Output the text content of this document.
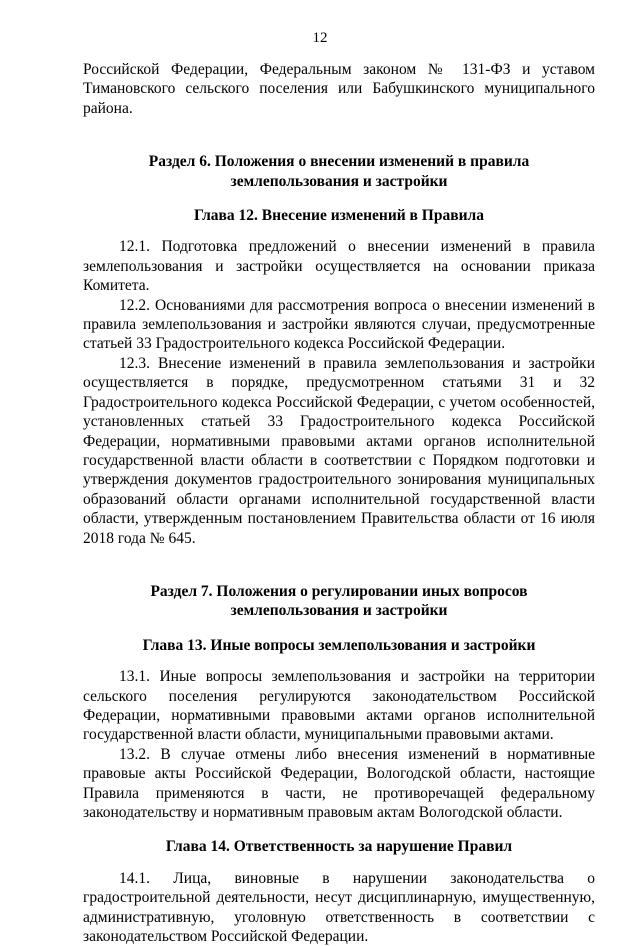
12

Российской Федерации, Федеральным законом № 131-ФЗ и уставом Тимановского сельского поселения или Бабушкинского муниципального района.

Раздел 6. Положения о внесении изменений в правила

землепользования и застройки

Глава 12. Внесение изменений в Правила

12.1. Подготовка предложений о внесении изменений в правила землепользования и застройки осуществляется на основании приказа Комитета.

12.2. Основаниями для рассмотрения вопроса о внесении изменений в правила землепользования и застройки являются случаи, предусмотренные статьей 33 Градостроительного кодекса Российской Федерации.

12.3. Внесение изменений в правила землепользования и застройки осуществляется в порядке, предусмотренном статьями 31 и 32 Градостроительного кодекса Российской Федерации, с учетом особенностей, установленных статьей 33 Градостроительного кодекса Российской Федерации, нормативными правовыми актами органов исполнительной государственной власти области в соответствии с Порядком подготовки и утверждения документов градостроительного зонирования муниципальных образований области органами исполнительной государственной власти области, утвержденным постановлением Правительства области от 16 июля 2018 года № 645.

Раздел 7. Положения о регулировании иных вопросов

землепользования и застройки

Глава 13. Иные вопросы землепользования и застройки

13.1. Иные вопросы землепользования и застройки на территории сельского поселения регулируются законодательством Российской Федерации, нормативными правовыми актами органов исполнительной государственной власти области, муниципальными правовыми актами.

13.2. В случае отмены либо внесения изменений в нормативные правовые акты Российской Федерации, Вологодской области, настоящие Правила применяются в части, не противоречащей федеральному законодательству и нормативным правовым актам Вологодской области.

Глава 14. Ответственность за нарушение Правил

14.1. Лица, виновные в нарушении законодательства о градостроительной деятельности, несут дисциплинарную, имущественную, административную, уголовную ответственность в соответствии с законодательством Российской Федерации.
